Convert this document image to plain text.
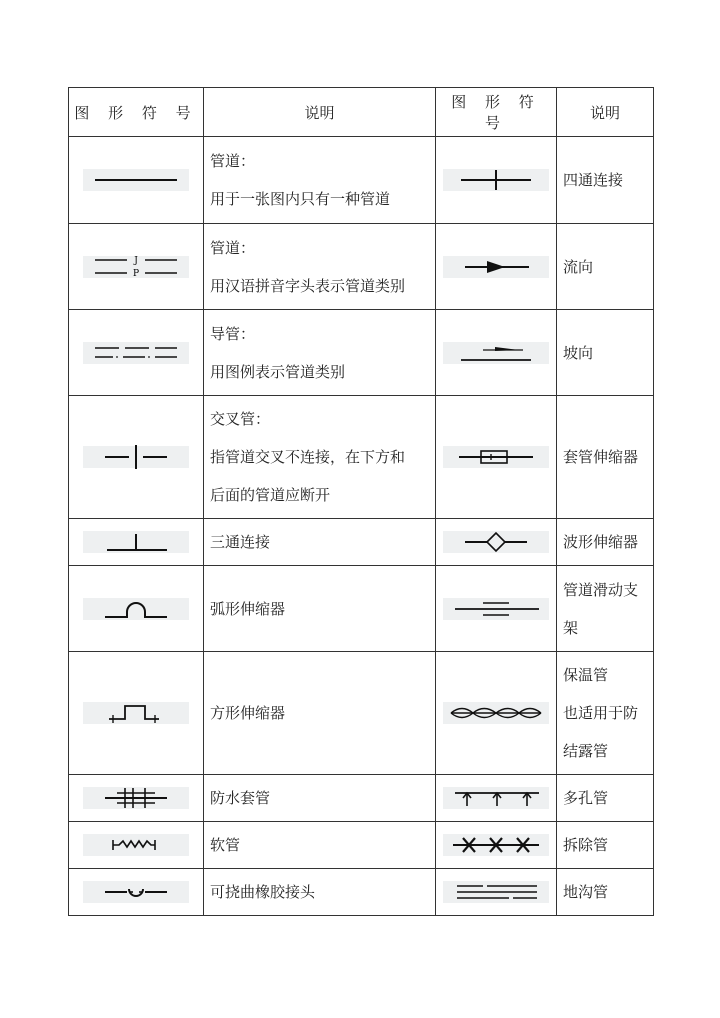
图 形 符 号	说明	图 形 符 号	说明

管道：
用于一张图内只有一种管道		四通连接

J
P	管道：
用汉语拼音字头表示管道类别		流向

导管：
用图例表示管道类别		坡向

交叉管：
指管道交叉不连接，在下方和
后面的管道应断开		套管伸缩器

三通连接		波形伸缩器

弧形伸缩器		管道滑动支
架

方形伸缩器		保温管
也适用于防
结露管

防水套管		多孔管

软管		拆除管

可挠曲橡胶接头		地沟管
